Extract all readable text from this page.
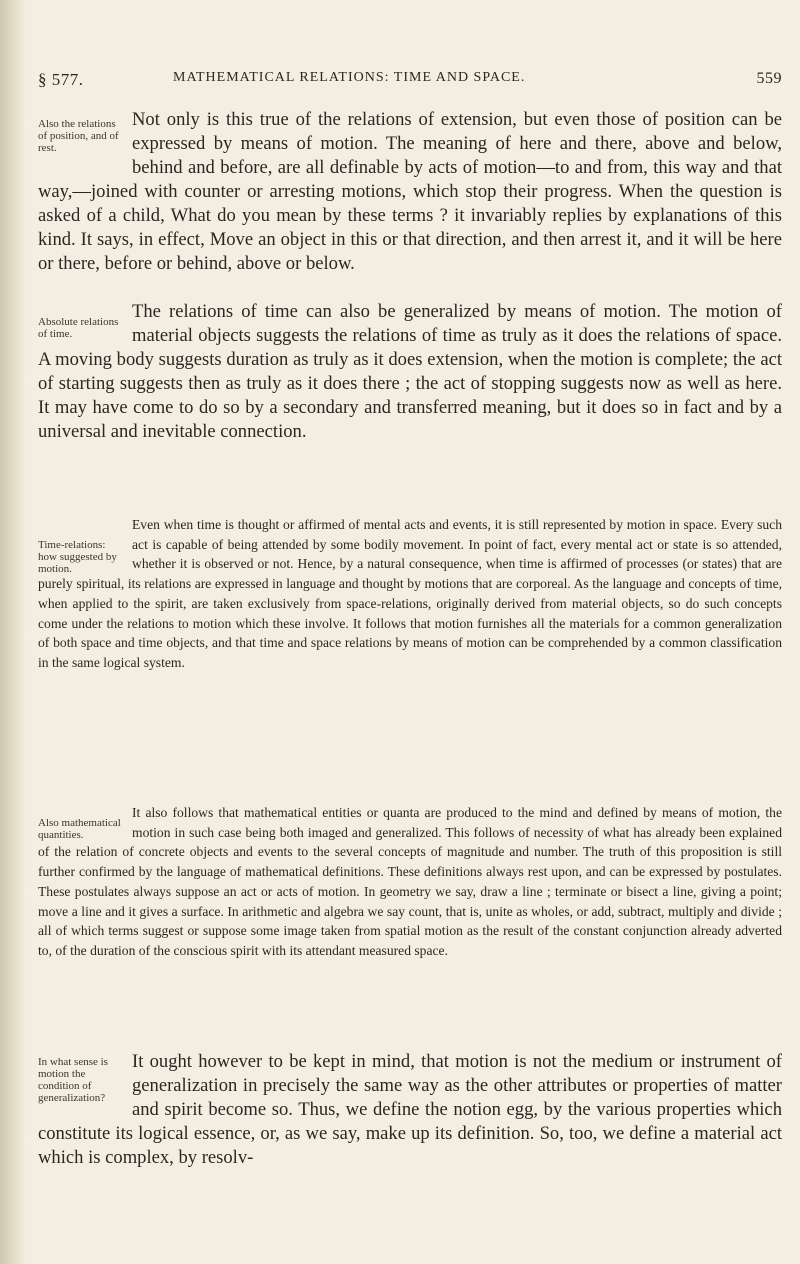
§ 577.	MATHEMATICAL RELATIONS: TIME AND SPACE.	559
Also the relations of position, and of rest.

Not only is this true of the relations of extension, but even those of position can be expressed by means of motion. The meaning of here and there, above and below, behind and before, are all definable by acts of motion—to and from, this way and that way,—joined with counter or arresting motions, which stop their progress. When the question is asked of a child, What do you mean by these terms ? it invariably replies by explanations of this kind. It says, in effect, Move an object in this or that direction, and then arrest it, and it will be here or there, before or behind, above or below.

Absolute relations of time.

The relations of time can also be generalized by means of motion. The motion of material objects suggests the relations of time as truly as it does the relations of space. A moving body suggests duration as truly as it does extension, when the motion is complete; the act of starting suggests then as truly as it does there ; the act of stopping suggests now as well as here. It may have come to do so by a secondary and transferred meaning, but it does so in fact and by a universal and inevitable connection.

Time-relations: how suggested by motion.

Even when time is thought or affirmed of mental acts and events, it is still represented by motion in space. Every such act is capable of being attended by some bodily movement. In point of fact, every mental act or state is so attended, whether it is observed or not. Hence, by a natural consequence, when time is affirmed of processes (or states) that are purely spiritual, its relations are expressed in language and thought by motions that are corporeal. As the language and concepts of time, when applied to the spirit, are taken exclusively from space-relations, originally derived from material objects, so do such concepts come under the relations to motion which these involve. It follows that motion furnishes all the materials for a common generalization of both space and time objects, and that time and space relations by means of motion can be comprehended by a common classification in the same logical system.

Also mathematical quantities.

It also follows that mathematical entities or quanta are produced to the mind and defined by means of motion, the motion in such case being both imaged and generalized. This follows of necessity of what has already been explained of the relation of concrete objects and events to the several concepts of magnitude and number. The truth of this proposition is still further confirmed by the language of mathematical definitions. These definitions always rest upon, and can be expressed by postulates. These postulates always suppose an act or acts of motion. In geometry we say, draw a line ; terminate or bisect a line, giving a point; move a line and it gives a surface. In arithmetic and algebra we say count, that is, unite as wholes, or add, subtract, multiply and divide ; all of which terms suggest or suppose some image taken from spatial motion as the result of the constant conjunction already adverted to, of the duration of the conscious spirit with its attendant measured space.

In what sense is motion the condition of generalization?

It ought however to be kept in mind, that motion is not the medium or instrument of generalization in precisely the same way as the other attributes or properties of matter and spirit become so. Thus, we define the notion egg, by the various properties which constitute its logical essence, or, as we say, make up its definition. So, too, we define a material act which is complex, by resolv-
